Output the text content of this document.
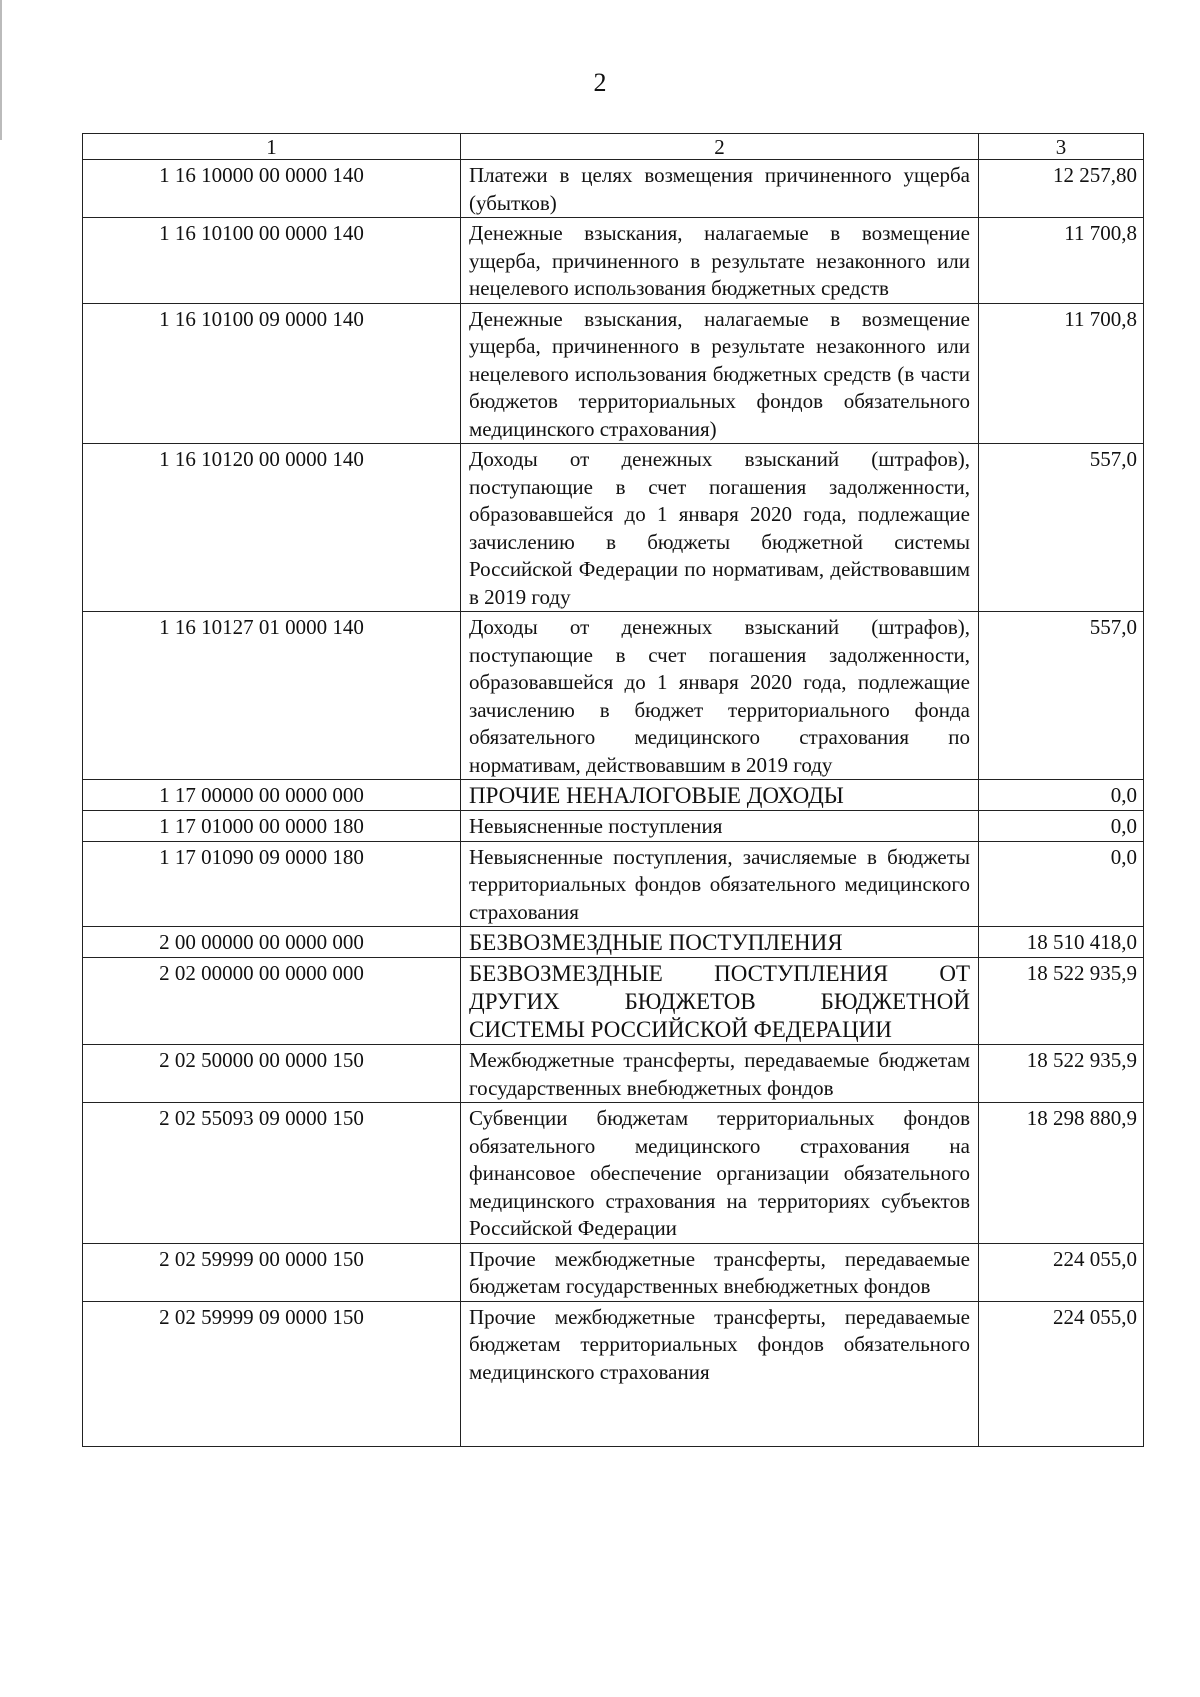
2
1	2	3
1 16 10000 00 0000 140	Платежи в целях возмещения причиненного ущерба (убытков)	12 257,80
1 16 10100 00 0000 140	Денежные взыскания, налагаемые в возмещение ущерба, причиненного в результате незаконного или нецелевого использования бюджетных средств	11 700,8
1 16 10100 09 0000 140	Денежные взыскания, налагаемые в возмещение ущерба, причиненного в результате незаконного или нецелевого использования бюджетных средств (в части бюджетов территориальных фондов обязательного медицинского страхования)	11 700,8
1 16 10120 00 0000 140	Доходы от денежных взысканий (штрафов), поступающие в счет погашения задолженности, образовавшейся до 1 января 2020 года, подлежащие зачислению в бюджеты бюджетной системы Российской Федерации по нормативам, действовавшим в 2019 году	557,0
1 16 10127 01 0000 140	Доходы от денежных взысканий (штрафов), поступающие в счет погашения задолженности, образовавшейся до 1 января 2020 года, подлежащие зачислению в бюджет территориального фонда обязательного медицинского страхования по нормативам, действовавшим в 2019 году	557,0
1 17 00000 00 0000 000	ПРОЧИЕ НЕНАЛОГОВЫЕ ДОХОДЫ	0,0
1 17 01000 00 0000 180	Невыясненные поступления	0,0
1 17 01090 09 0000 180	Невыясненные поступления, зачисляемые в бюджеты территориальных фондов обязательного медицинского страхования	0,0
2 00 00000 00 0000 000	БЕЗВОЗМЕЗДНЫЕ ПОСТУПЛЕНИЯ	18 510 418,0
2 02 00000 00 0000 000	БЕЗВОЗМЕЗДНЫЕ ПОСТУПЛЕНИЯ ОТ ДРУГИХ БЮДЖЕТОВ БЮДЖЕТНОЙ СИСТЕМЫ РОССИЙСКОЙ ФЕДЕРАЦИИ	18 522 935,9
2 02 50000 00 0000 150	Межбюджетные трансферты, передаваемые бюджетам государственных внебюджетных фондов	18 522 935,9
2 02 55093 09 0000 150	Субвенции бюджетам территориальных фондов обязательного медицинского страхования на финансовое обеспечение организации обязательного медицинского страхования на территориях субъектов Российской Федерации	18 298 880,9
2 02 59999 00 0000 150	Прочие межбюджетные трансферты, передаваемые бюджетам государственных внебюджетных фондов	224 055,0
2 02 59999 09 0000 150	Прочие межбюджетные трансферты, передаваемые бюджетам территориальных фондов обязательного медицинского страхования	224 055,0
